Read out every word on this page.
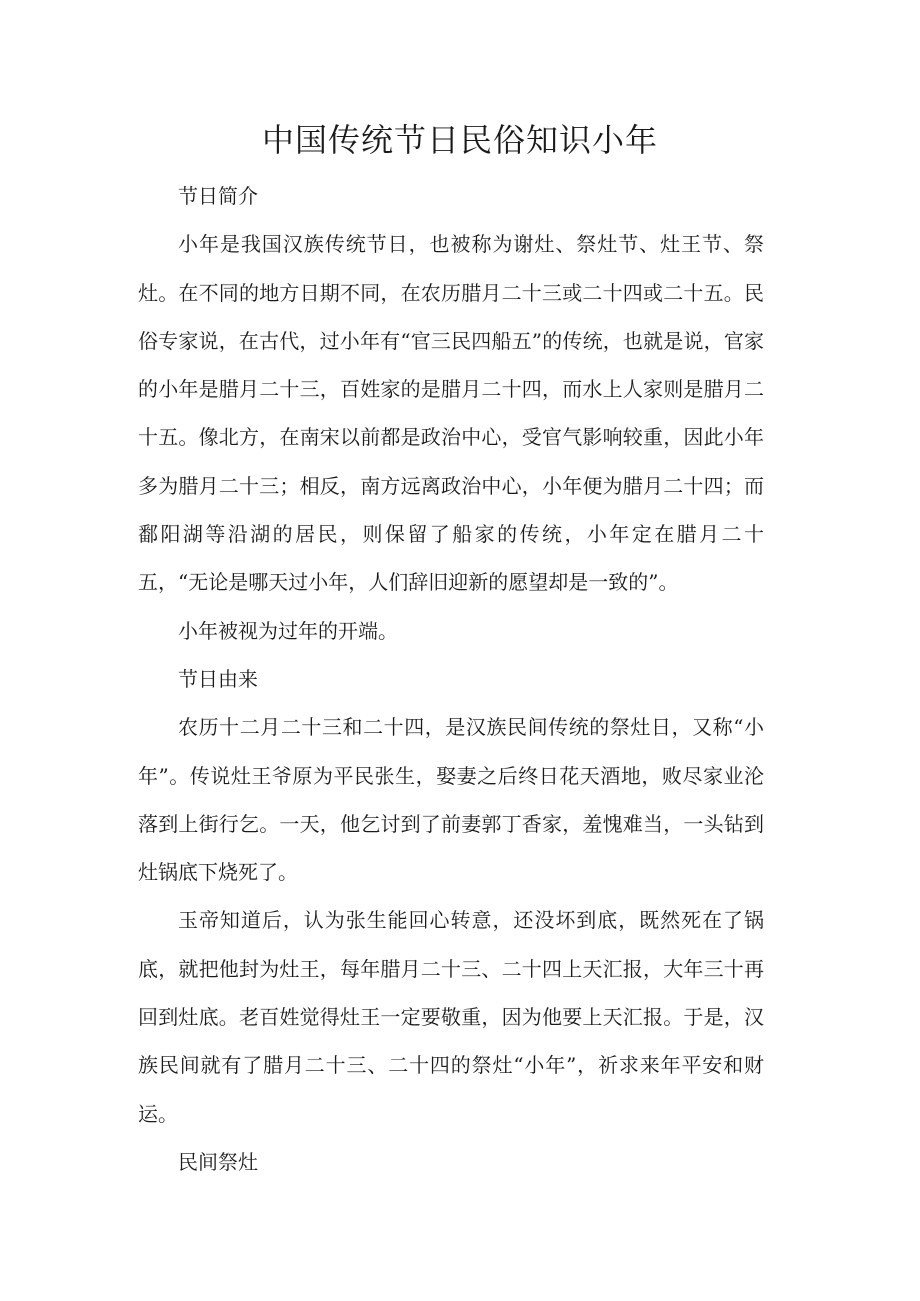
中国传统节日民俗知识小年

节日简介

小年是我国汉族传统节日，也被称为谢灶、祭灶节、灶王节、祭灶。在不同的地方日期不同，在农历腊月二十三或二十四或二十五。民俗专家说，在古代，过小年有“官三民四船五”的传统，也就是说，官家的小年是腊月二十三，百姓家的是腊月二十四，而水上人家则是腊月二十五。像北方，在南宋以前都是政治中心，受官气影响较重，因此小年多为腊月二十三；相反，南方远离政治中心，小年便为腊月二十四；而鄱阳湖等沿湖的居民，则保留了船家的传统，小年定在腊月二十五，“无论是哪天过小年，人们辞旧迎新的愿望却是一致的”。

小年被视为过年的开端。

节日由来

农历十二月二十三和二十四，是汉族民间传统的祭灶日，又称“小年”。传说灶王爷原为平民张生，娶妻之后终日花天酒地，败尽家业沦落到上街行乞。一天，他乞讨到了前妻郭丁香家，羞愧难当，一头钻到灶锅底下烧死了。

玉帝知道后，认为张生能回心转意，还没坏到底，既然死在了锅底，就把他封为灶王，每年腊月二十三、二十四上天汇报，大年三十再回到灶底。老百姓觉得灶王一定要敬重，因为他要上天汇报。于是，汉族民间就有了腊月二十三、二十四的祭灶“小年”，祈求来年平安和财运。

民间祭灶
